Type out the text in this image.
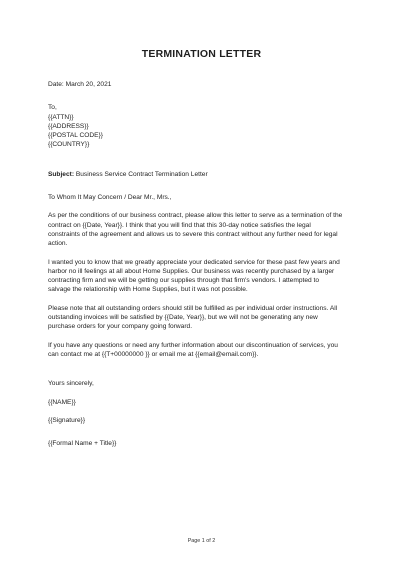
TERMINATION LETTER
Date: March 20, 2021
To,
{{ATTN}}
{{ADDRESS}}
{{POSTAL CODE}}
{{COUNTRY}}
Subject: Business Service Contract Termination Letter
To Whom It May Concern / Dear Mr., Mrs.,
As per the conditions of our business contract, please allow this letter to serve as a termination of the
contract on {{Date, Year}}. I think that you will find that this 30-day notice satisfies the legal
constraints of the agreement and allows us to severe this contract without any further need for legal
action.
I wanted you to know that we greatly appreciate your dedicated service for these past few years and
harbor no ill feelings at all about Home Supplies. Our business was recently purchased by a larger
contracting firm and we will be getting our supplies through that firm's vendors. I attempted to
salvage the relationship with Home Supplies, but it was not possible.
Please note that all outstanding orders should still be fulfilled as per individual order instructions. All
outstanding invoices will be satisfied by {{Date, Year}}, but we will not be generating any new
purchase orders for your company going forward.
If you have any questions or need any further information about our discontinuation of services, you
can contact me at {{T+00000000 }} or email me at {{email@email.com}}.
Yours sincerely,
{{NAME}}
{{Signature}}
{{Formal Name + Title}}
Page 1 of 2
